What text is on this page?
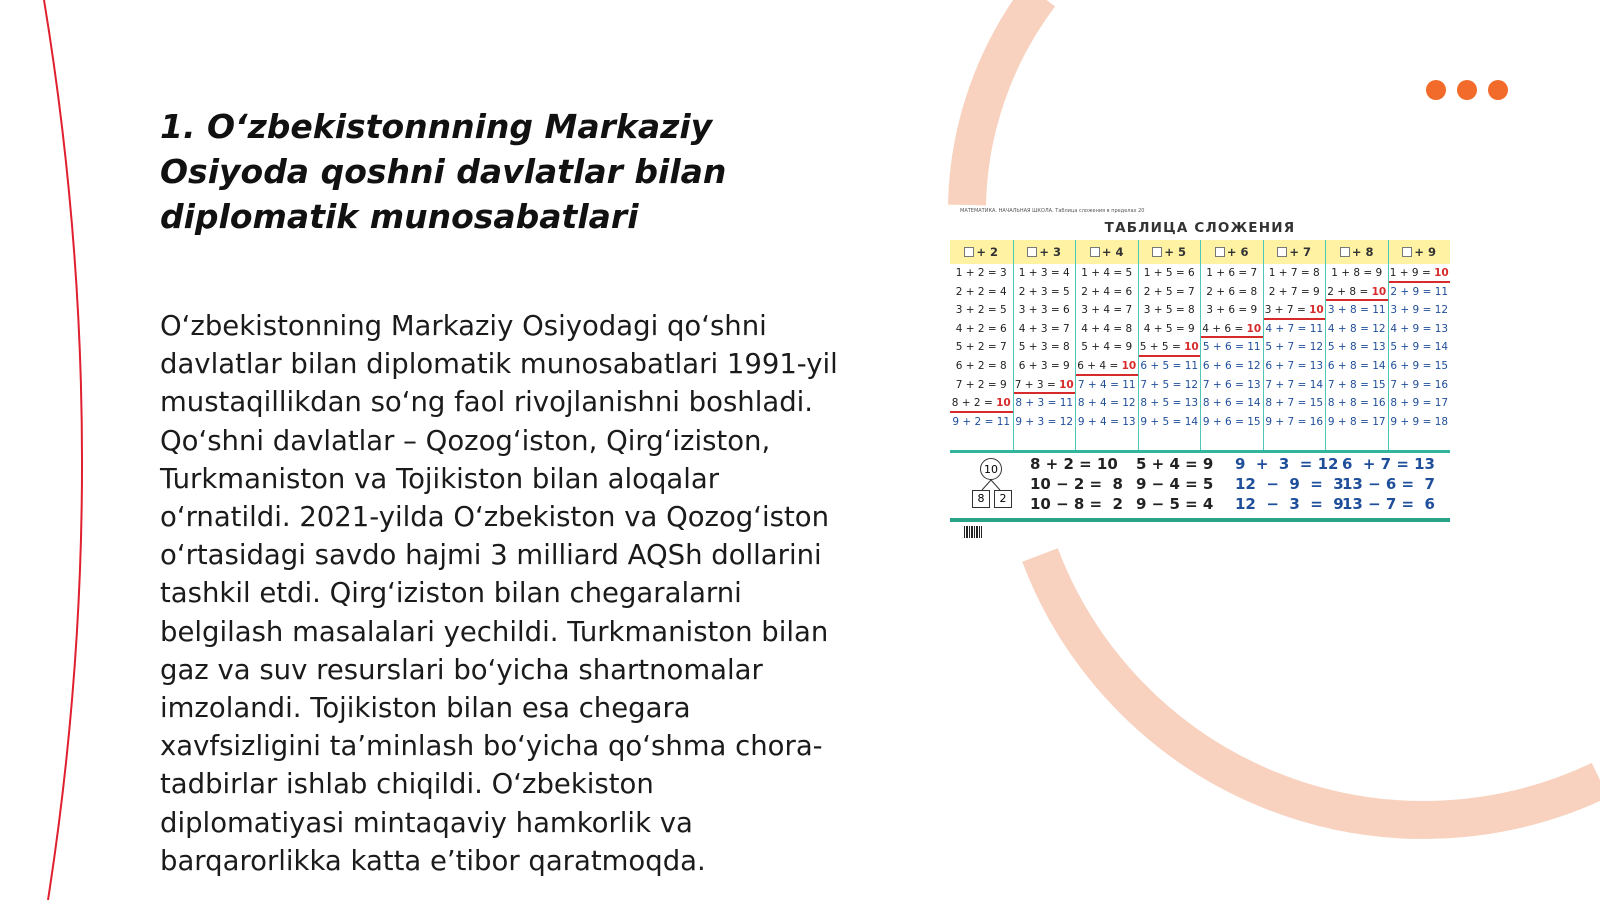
1. O‘zbekistonnning Markaziy Osiyoda qoshni davlatlar bilan diplomatik munosabatlari

O‘zbekistonning Markaziy Osiyodagi qo‘shni davlatlar bilan diplomatik munosabatlari 1991-yil mustaqillikdan so‘ng faol rivojlanishni boshladi. Qo‘shni davlatlar – Qozog‘iston, Qirg‘iziston, Turkmaniston va Tojikiston bilan aloqalar o‘rnatildi. 2021-yilda O‘zbekiston va Qozog‘iston o‘rtasidagi savdo hajmi 3 milliard AQSh dollarini tashkil etdi. Qirg‘iziston bilan chegaralarni belgilash masalalari yechildi. Turkmaniston bilan gaz va suv resurslari bo‘yicha shartnomalar imzolandi. Tojikiston bilan esa chegara xavfsizligini ta’minlash bo‘yicha qo‘shma chora-tadbirlar ishlab chiqildi. O‘zbekiston diplomatiyasi mintaqaviy hamkorlik va barqarorlikka katta e’tibor qaratmoqda.

МАТЕМАТИКА. НАЧАЛЬНАЯ ШКОЛА. Таблица сложения в пределах 20
ТАБЛИЦА СЛОЖЕНИЯ
+ 2
1 + 2 = 3
2 + 2 = 4
3 + 2 = 5
4 + 2 = 6
5 + 2 = 7
6 + 2 = 8
7 + 2 = 9
8 + 2 = 10
9 + 2 = 11
+ 3
1 + 3 = 4
2 + 3 = 5
3 + 3 = 6
4 + 3 = 7
5 + 3 = 8
6 + 3 = 9
7 + 3 = 10
8 + 3 = 11
9 + 3 = 12
+ 4
1 + 4 = 5
2 + 4 = 6
3 + 4 = 7
4 + 4 = 8
5 + 4 = 9
6 + 4 = 10
7 + 4 = 11
8 + 4 = 12
9 + 4 = 13
+ 5
1 + 5 = 6
2 + 5 = 7
3 + 5 = 8
4 + 5 = 9
5 + 5 = 10
6 + 5 = 11
7 + 5 = 12
8 + 5 = 13
9 + 5 = 14
+ 6
1 + 6 = 7
2 + 6 = 8
3 + 6 = 9
4 + 6 = 10
5 + 6 = 11
6 + 6 = 12
7 + 6 = 13
8 + 6 = 14
9 + 6 = 15
+ 7
1 + 7 = 8
2 + 7 = 9
3 + 7 = 10
4 + 7 = 11
5 + 7 = 12
6 + 7 = 13
7 + 7 = 14
8 + 7 = 15
9 + 7 = 16
+ 8
1 + 8 = 9
2 + 8 = 10
3 + 8 = 11
4 + 8 = 12
5 + 8 = 13
6 + 8 = 14
7 + 8 = 15
8 + 8 = 16
9 + 8 = 17
+ 9
1 + 9 = 10
2 + 9 = 11
3 + 9 = 12
4 + 9 = 13
5 + 9 = 14
6 + 9 = 15
7 + 9 = 16
8 + 9 = 17
9 + 9 = 18
10
8	2
8 + 2 = 10
10 − 2 =  8
10 − 8 =  2
5 + 4 = 9
9 − 4 = 5
9 − 5 = 4
9  +  3  = 12
12  −  9  =  3
12  −  3  =  9
6  + 7 = 13
13 − 6 =  7
13 − 7 =  6
